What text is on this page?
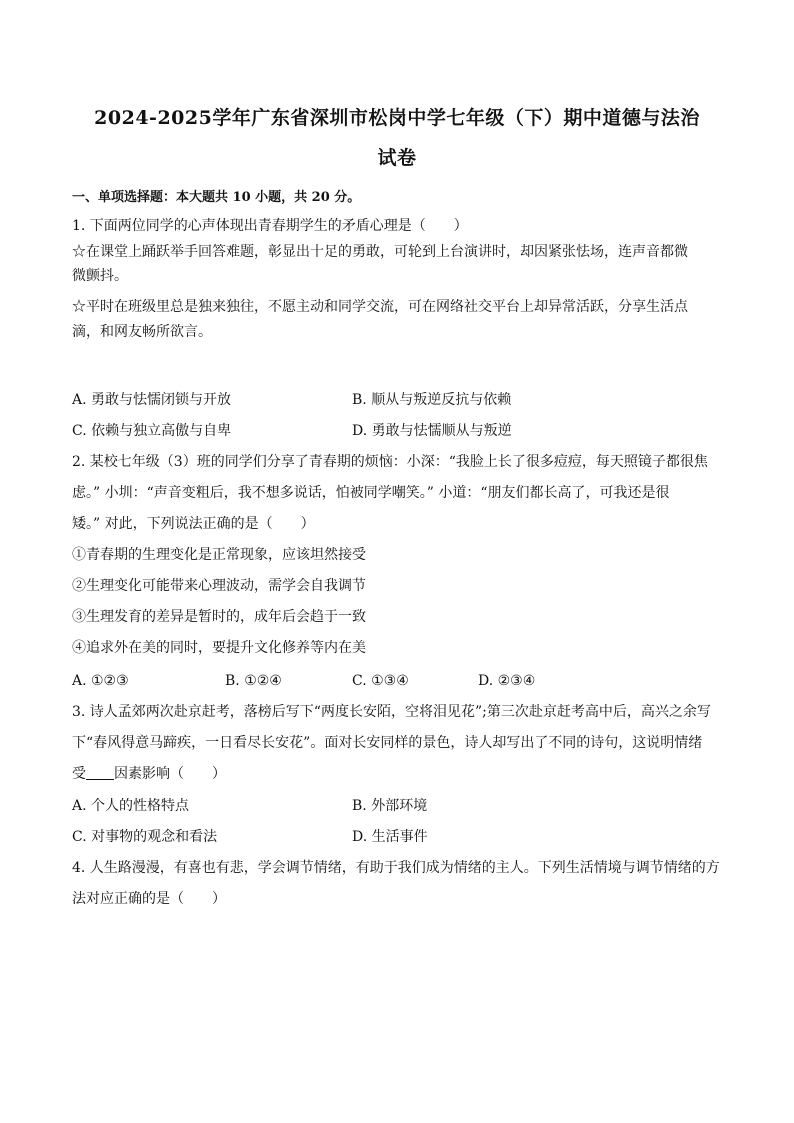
2024-2025学年广东省深圳市松岗中学七年级（下）期中道德与法治
试卷
一、单项选择题：本大题共 10 小题，共 20 分。
1. 下面两位同学的心声体现出青春期学生的矛盾心理是（　　）
☆在课堂上踊跃举手回答难题，彰显出十足的勇敢，可轮到上台演讲时，却因紧张怯场，连声音都微
微颤抖。
☆平时在班级里总是独来独往，不愿主动和同学交流，可在网络社交平台上却异常活跃，分享生活点
滴，和网友畅所欲言。
A. 勇敢与怯懦闭锁与开放	B. 顺从与叛逆反抗与依赖
C. 依赖与独立高傲与自卑	D. 勇敢与怯懦顺从与叛逆
2. 某校七年级（3）班的同学们分享了青春期的烦恼：小深：“我脸上长了很多痘痘，每天照镜子都很焦
虑。” 小圳：“声音变粗后，我不想多说话，怕被同学嘲笑。” 小道：“朋友们都长高了，可我还是很
矮。” 对此，下列说法正确的是（　　）
①青春期的生理变化是正常现象，应该坦然接受
②生理变化可能带来心理波动，需学会自我调节
③生理发育的差异是暂时的，成年后会趋于一致
④追求外在美的同时，要提升文化修养等内在美
A. ①②③	B. ①②④	C. ①③④	D. ②③④
3. 诗人孟郊两次赴京赶考，落榜后写下“两度长安陌，空将泪见花”;第三次赴京赶考高中后，高兴之余写
下“春风得意马蹄疾，一日看尽长安花”。面对长安同样的景色，诗人却写出了不同的诗句，这说明情绪
受 因素影响（　　）
A. 个人的性格特点	B. 外部环境
C. 对事物的观念和看法	D. 生活事件
4. 人生路漫漫，有喜也有悲，学会调节情绪，有助于我们成为情绪的主人。下列生活情境与调节情绪的方
法对应正确的是（　　）
